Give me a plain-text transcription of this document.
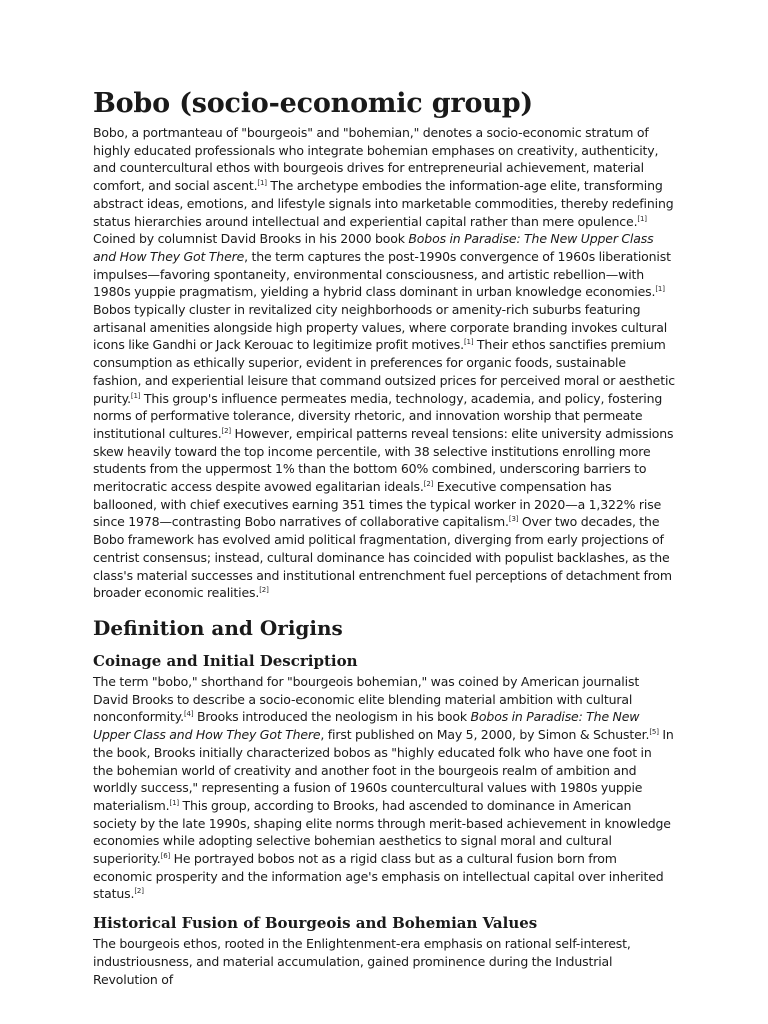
Bobo (socio-economic group)

Bobo, a portmanteau of "bourgeois" and "bohemian," denotes a socio-economic stratum of highly educated professionals who integrate bohemian emphases on creativity, authenticity, and countercultural ethos with bourgeois drives for entrepreneurial achievement, material comfort, and social ascent.[1] The archetype embodies the information-age elite, transforming abstract ideas, emotions, and lifestyle signals into marketable commodities, thereby redefining status hierarchies around intellectual and experiential capital rather than mere opulence.[1] Coined by columnist David Brooks in his 2000 book Bobos in Paradise: The New Upper Class and How They Got There, the term captures the post-1990s convergence of 1960s liberationist impulses—favoring spontaneity, environmental consciousness, and artistic rebellion—with 1980s yuppie pragmatism, yielding a hybrid class dominant in urban knowledge economies.[1] Bobos typically cluster in revitalized city neighborhoods or amenity-rich suburbs featuring artisanal amenities alongside high property values, where corporate branding invokes cultural icons like Gandhi or Jack Kerouac to legitimize profit motives.[1] Their ethos sanctifies premium consumption as ethically superior, evident in preferences for organic foods, sustainable fashion, and experiential leisure that command outsized prices for perceived moral or aesthetic purity.[1] This group's influence permeates media, technology, academia, and policy, fostering norms of performative tolerance, diversity rhetoric, and innovation worship that permeate institutional cultures.[2] However, empirical patterns reveal tensions: elite university admissions skew heavily toward the top income percentile, with 38 selective institutions enrolling more students from the uppermost 1% than the bottom 60% combined, underscoring barriers to meritocratic access despite avowed egalitarian ideals.[2] Executive compensation has ballooned, with chief executives earning 351 times the typical worker in 2020—a 1,322% rise since 1978—contrasting Bobo narratives of collaborative capitalism.[3] Over two decades, the Bobo framework has evolved amid political fragmentation, diverging from early projections of centrist consensus; instead, cultural dominance has coincided with populist backlashes, as the class's material successes and institutional entrenchment fuel perceptions of detachment from broader economic realities.[2]

Definition and Origins
Coinage and Initial Description

The term "bobo," shorthand for "bourgeois bohemian," was coined by American journalist David Brooks to describe a socio-economic elite blending material ambition with cultural nonconformity.[4] Brooks introduced the neologism in his book Bobos in Paradise: The New Upper Class and How They Got There, first published on May 5, 2000, by Simon & Schuster.[5] In the book, Brooks initially characterized bobos as "highly educated folk who have one foot in the bohemian world of creativity and another foot in the bourgeois realm of ambition and worldly success," representing a fusion of 1960s countercultural values with 1980s yuppie materialism.[1] This group, according to Brooks, had ascended to dominance in American society by the late 1990s, shaping elite norms through merit-based achievement in knowledge economies while adopting selective bohemian aesthetics to signal moral and cultural superiority.[6] He portrayed bobos not as a rigid class but as a cultural fusion born from economic prosperity and the information age's emphasis on intellectual capital over inherited status.[2]

Historical Fusion of Bourgeois and Bohemian Values

The bourgeois ethos, rooted in the Enlightenment-era emphasis on rational self-interest, industriousness, and material accumulation, gained prominence during the Industrial Revolution of
